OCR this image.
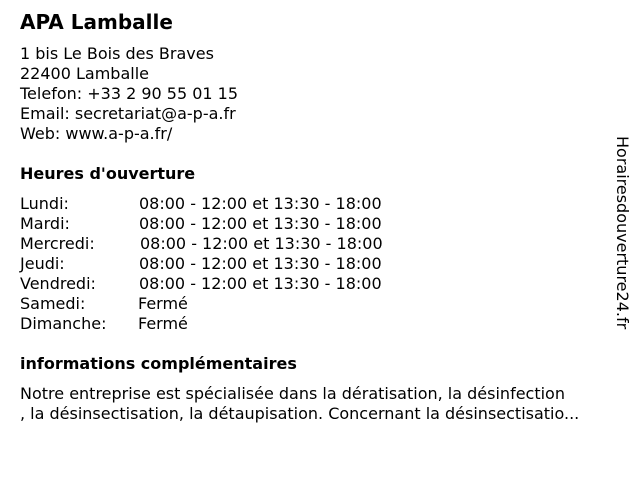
APA Lamballe
1 bis Le Bois des Braves
22400 Lamballe
Telefon: +33 2 90 55 01 15
Email: secretariat@a-p-a.fr
Web: www.a-p-a.fr/
Heures d'ouverture
Lundi:	08:00 - 12:00 et 13:30 - 18:00
Mardi:	08:00 - 12:00 et 13:30 - 18:00
Mercredi:	08:00 - 12:00 et 13:30 - 18:00
Jeudi:	08:00 - 12:00 et 13:30 - 18:00
Vendredi:	08:00 - 12:00 et 13:30 - 18:00
Samedi:	Fermé
Dimanche: Fermé
informations complémentaires
Notre entreprise est spécialisée dans la dératisation, la désinfection
, la désinsectisation, la détaupisation. Concernant la désinsectisatio...
Horairesdouverture24.fr
